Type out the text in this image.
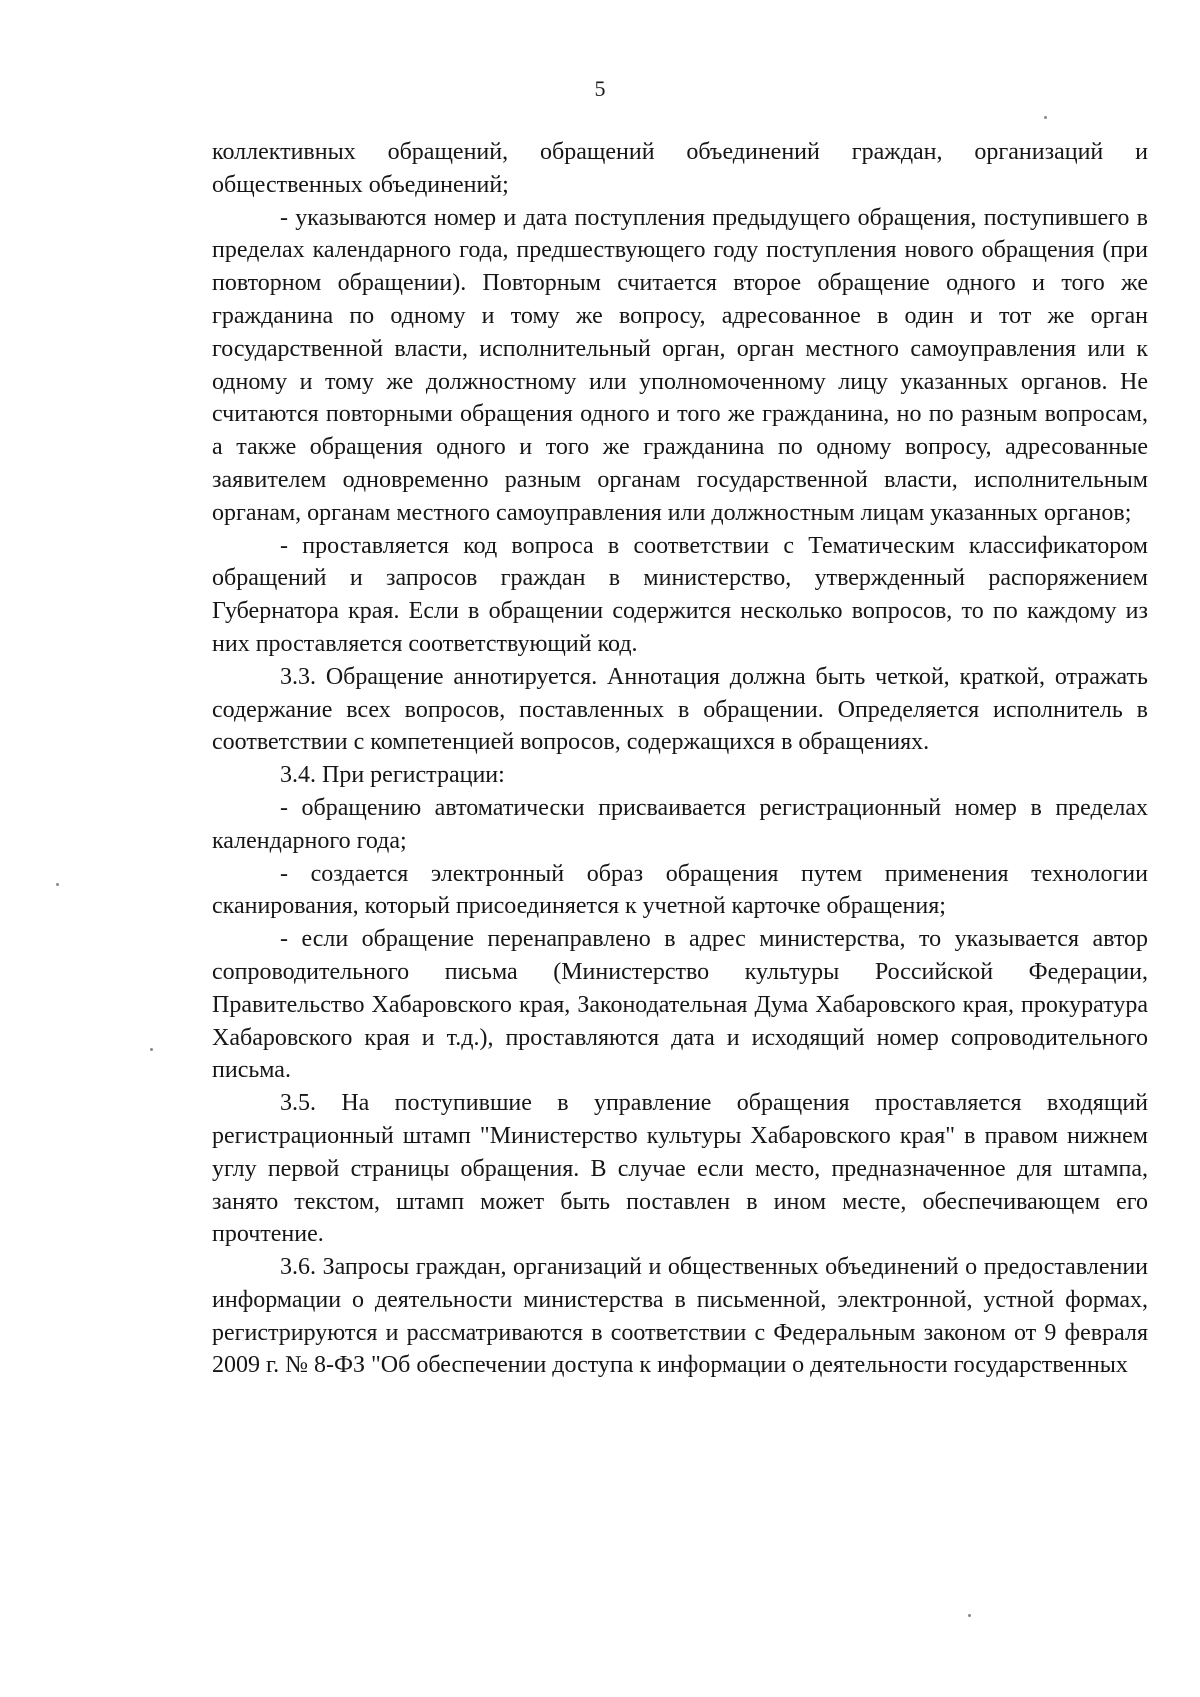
5

коллективных обращений, обращений объединений граждан, организаций и общественных объединений;

- указываются номер и дата поступления предыдущего обращения, поступившего в пределах календарного года, предшествующего году поступления нового обращения (при повторном обращении). Повторным считается второе обращение одного и того же гражданина по одному и тому же вопросу, адресованное в один и тот же орган государственной власти, исполнительный орган, орган местного самоуправления или к одному и тому же должностному или уполномоченному лицу указанных органов. Не считаются повторными обращения одного и того же гражданина, но по разным вопросам, а также обращения одного и того же гражданина по одному вопросу, адресованные заявителем одновременно разным органам государственной власти, исполнительным органам, органам местного самоуправления или должностным лицам указанных органов;

- проставляется код вопроса в соответствии с Тематическим классификатором обращений и запросов граждан в министерство, утвержденный распоряжением Губернатора края. Если в обращении содержится несколько вопросов, то по каждому из них проставляется соответствующий код.

3.3. Обращение аннотируется. Аннотация должна быть четкой, краткой, отражать содержание всех вопросов, поставленных в обращении. Определяется исполнитель в соответствии с компетенцией вопросов, содержащихся в обращениях.

3.4. При регистрации:

- обращению автоматически присваивается регистрационный номер в пределах календарного года;

- создается электронный образ обращения путем применения технологии сканирования, который присоединяется к учетной карточке обращения;

- если обращение перенаправлено в адрес министерства, то указывается автор сопроводительного письма (Министерство культуры Российской Федерации, Правительство Хабаровского края, Законодательная Дума Хабаровского края, прокуратура Хабаровского края и т.д.), проставляются дата и исходящий номер сопроводительного письма.

3.5. На поступившие в управление обращения проставляется входящий регистрационный штамп "Министерство культуры Хабаровского края" в правом нижнем углу первой страницы обращения. В случае если место, предназначенное для штампа, занято текстом, штамп может быть поставлен в ином месте, обеспечивающем его прочтение.

3.6. Запросы граждан, организаций и общественных объединений о предоставлении информации о деятельности министерства в письменной, электронной, устной формах, регистрируются и рассматриваются в соответствии с Федеральным законом от 9 февраля 2009 г. № 8-ФЗ "Об обеспечении доступа к информации о деятельности государственных
